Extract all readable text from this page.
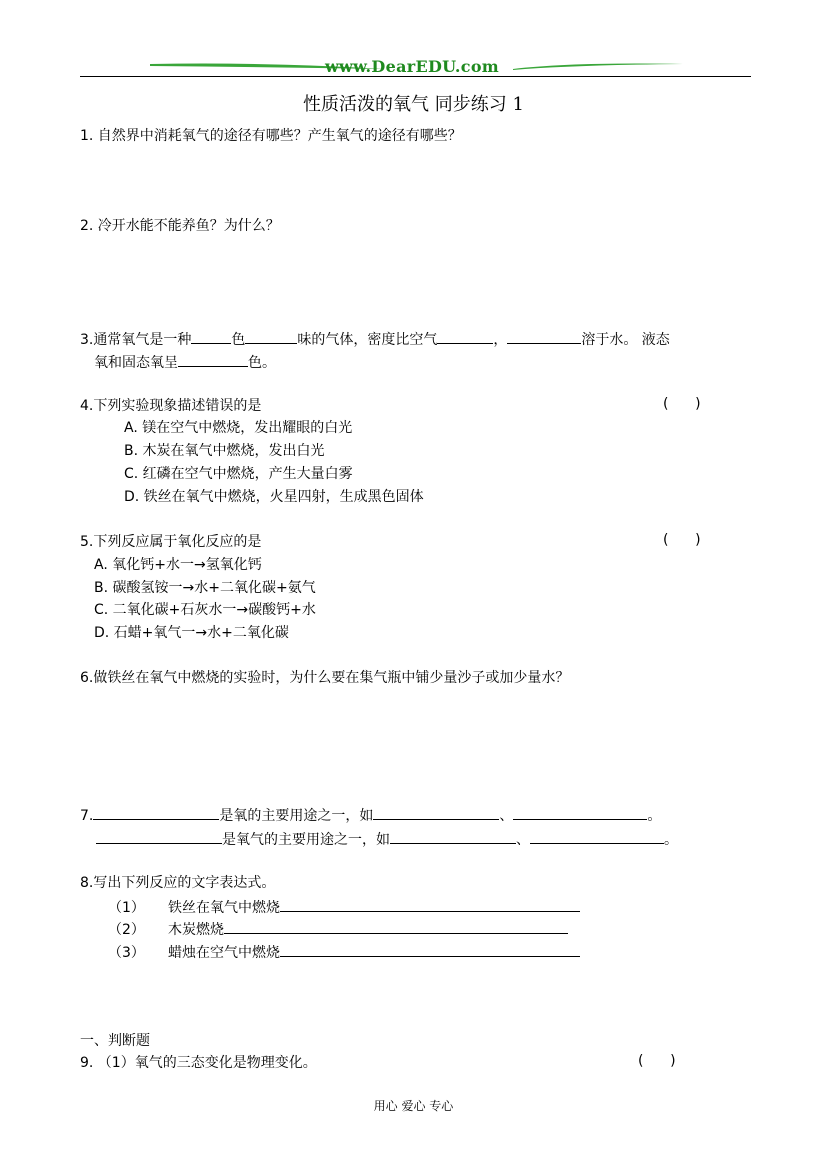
www.DearEDU.com
性质活泼的氧气 同步练习 1
1. 自然界中消耗氧气的途径有哪些？产生氧气的途径有哪些？
2. 冷开水能不能养鱼？为什么？
3.通常氧气是一种	色	味的气体，密度比空气	，	溶于水。 液态
氧和固态氧呈	色。
4.下列实验现象描述错误的是	(      )
A. 镁在空气中燃烧，发出耀眼的白光
B. 木炭在氧气中燃烧，发出白光
C. 红磷在空气中燃烧，产生大量白雾
D. 铁丝在氧气中燃烧，火星四射，生成黑色固体
5.下列反应属于氧化反应的是	(      )
A. 氧化钙+水一→氢氧化钙
B. 碳酸氢铵一→水+二氧化碳+氨气
C. 二氧化碳+石灰水一→碳酸钙+水
D. 石蜡+氧气一→水+二氧化碳
6.做铁丝在氧气中燃烧的实验时，为什么要在集气瓶中铺少量沙子或加少量水？
7.	是氧的主要用途之一，如	、	。
是氧气的主要用途之一，如	、	。
8.写出下列反应的文字表达式。
（1） 铁丝在氧气中燃烧
（2） 木炭燃烧
（3） 蜡烛在空气中燃烧
一、判断题
9. （1）氧气的三态变化是物理变化。	(      )
用心 爱心 专心
